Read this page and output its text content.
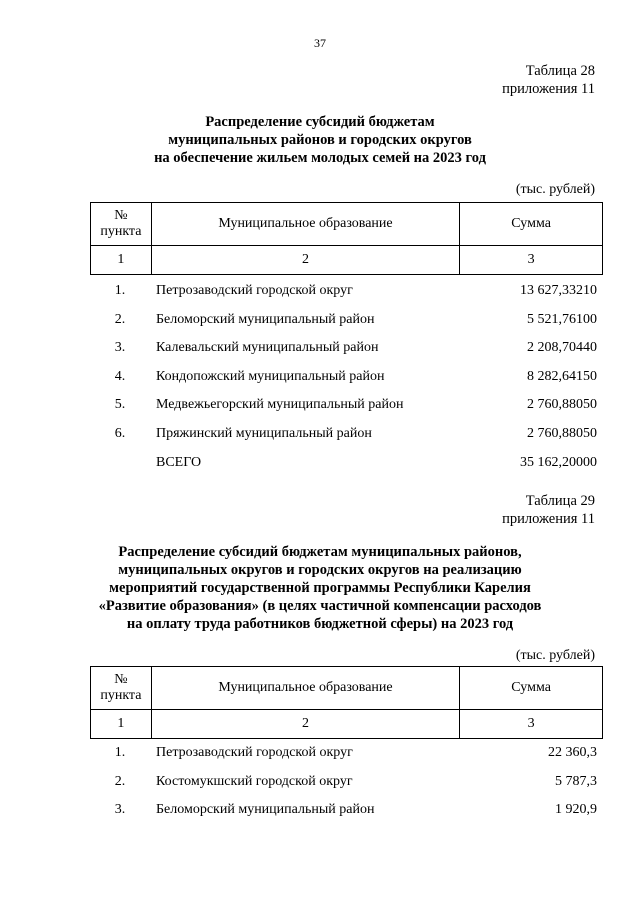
37
Таблица 28
приложения 11
Распределение субсидий бюджетам
муниципальных районов и городских округов
на обеспечение жильем молодых семей на 2023 год
(тыс. рублей)
№
пункта	Муниципальное образование	Сумма
1	2	3
1.	Петрозаводский городской округ	13 627,33210
2.	Беломорский муниципальный район	5 521,76100
3.	Калевальский муниципальный район	2 208,70440
4.	Кондопожский муниципальный район	8 282,64150
5.	Медвежьегорский муниципальный район	2 760,88050
6.	Пряжинский муниципальный район	2 760,88050
ВСЕГО	35 162,20000
Таблица 29
приложения 11
Распределение субсидий бюджетам муниципальных районов,
муниципальных округов и городских округов на реализацию
мероприятий государственной программы Республики Карелия
«Развитие образования» (в целях частичной компенсации расходов
на оплату труда работников бюджетной сферы) на 2023 год
(тыс. рублей)
№
пункта	Муниципальное образование	Сумма
1	2	3
1.	Петрозаводский городской округ	22 360,3
2.	Костомукшский городской округ	5 787,3
3.	Беломорский муниципальный район	1 920,9
